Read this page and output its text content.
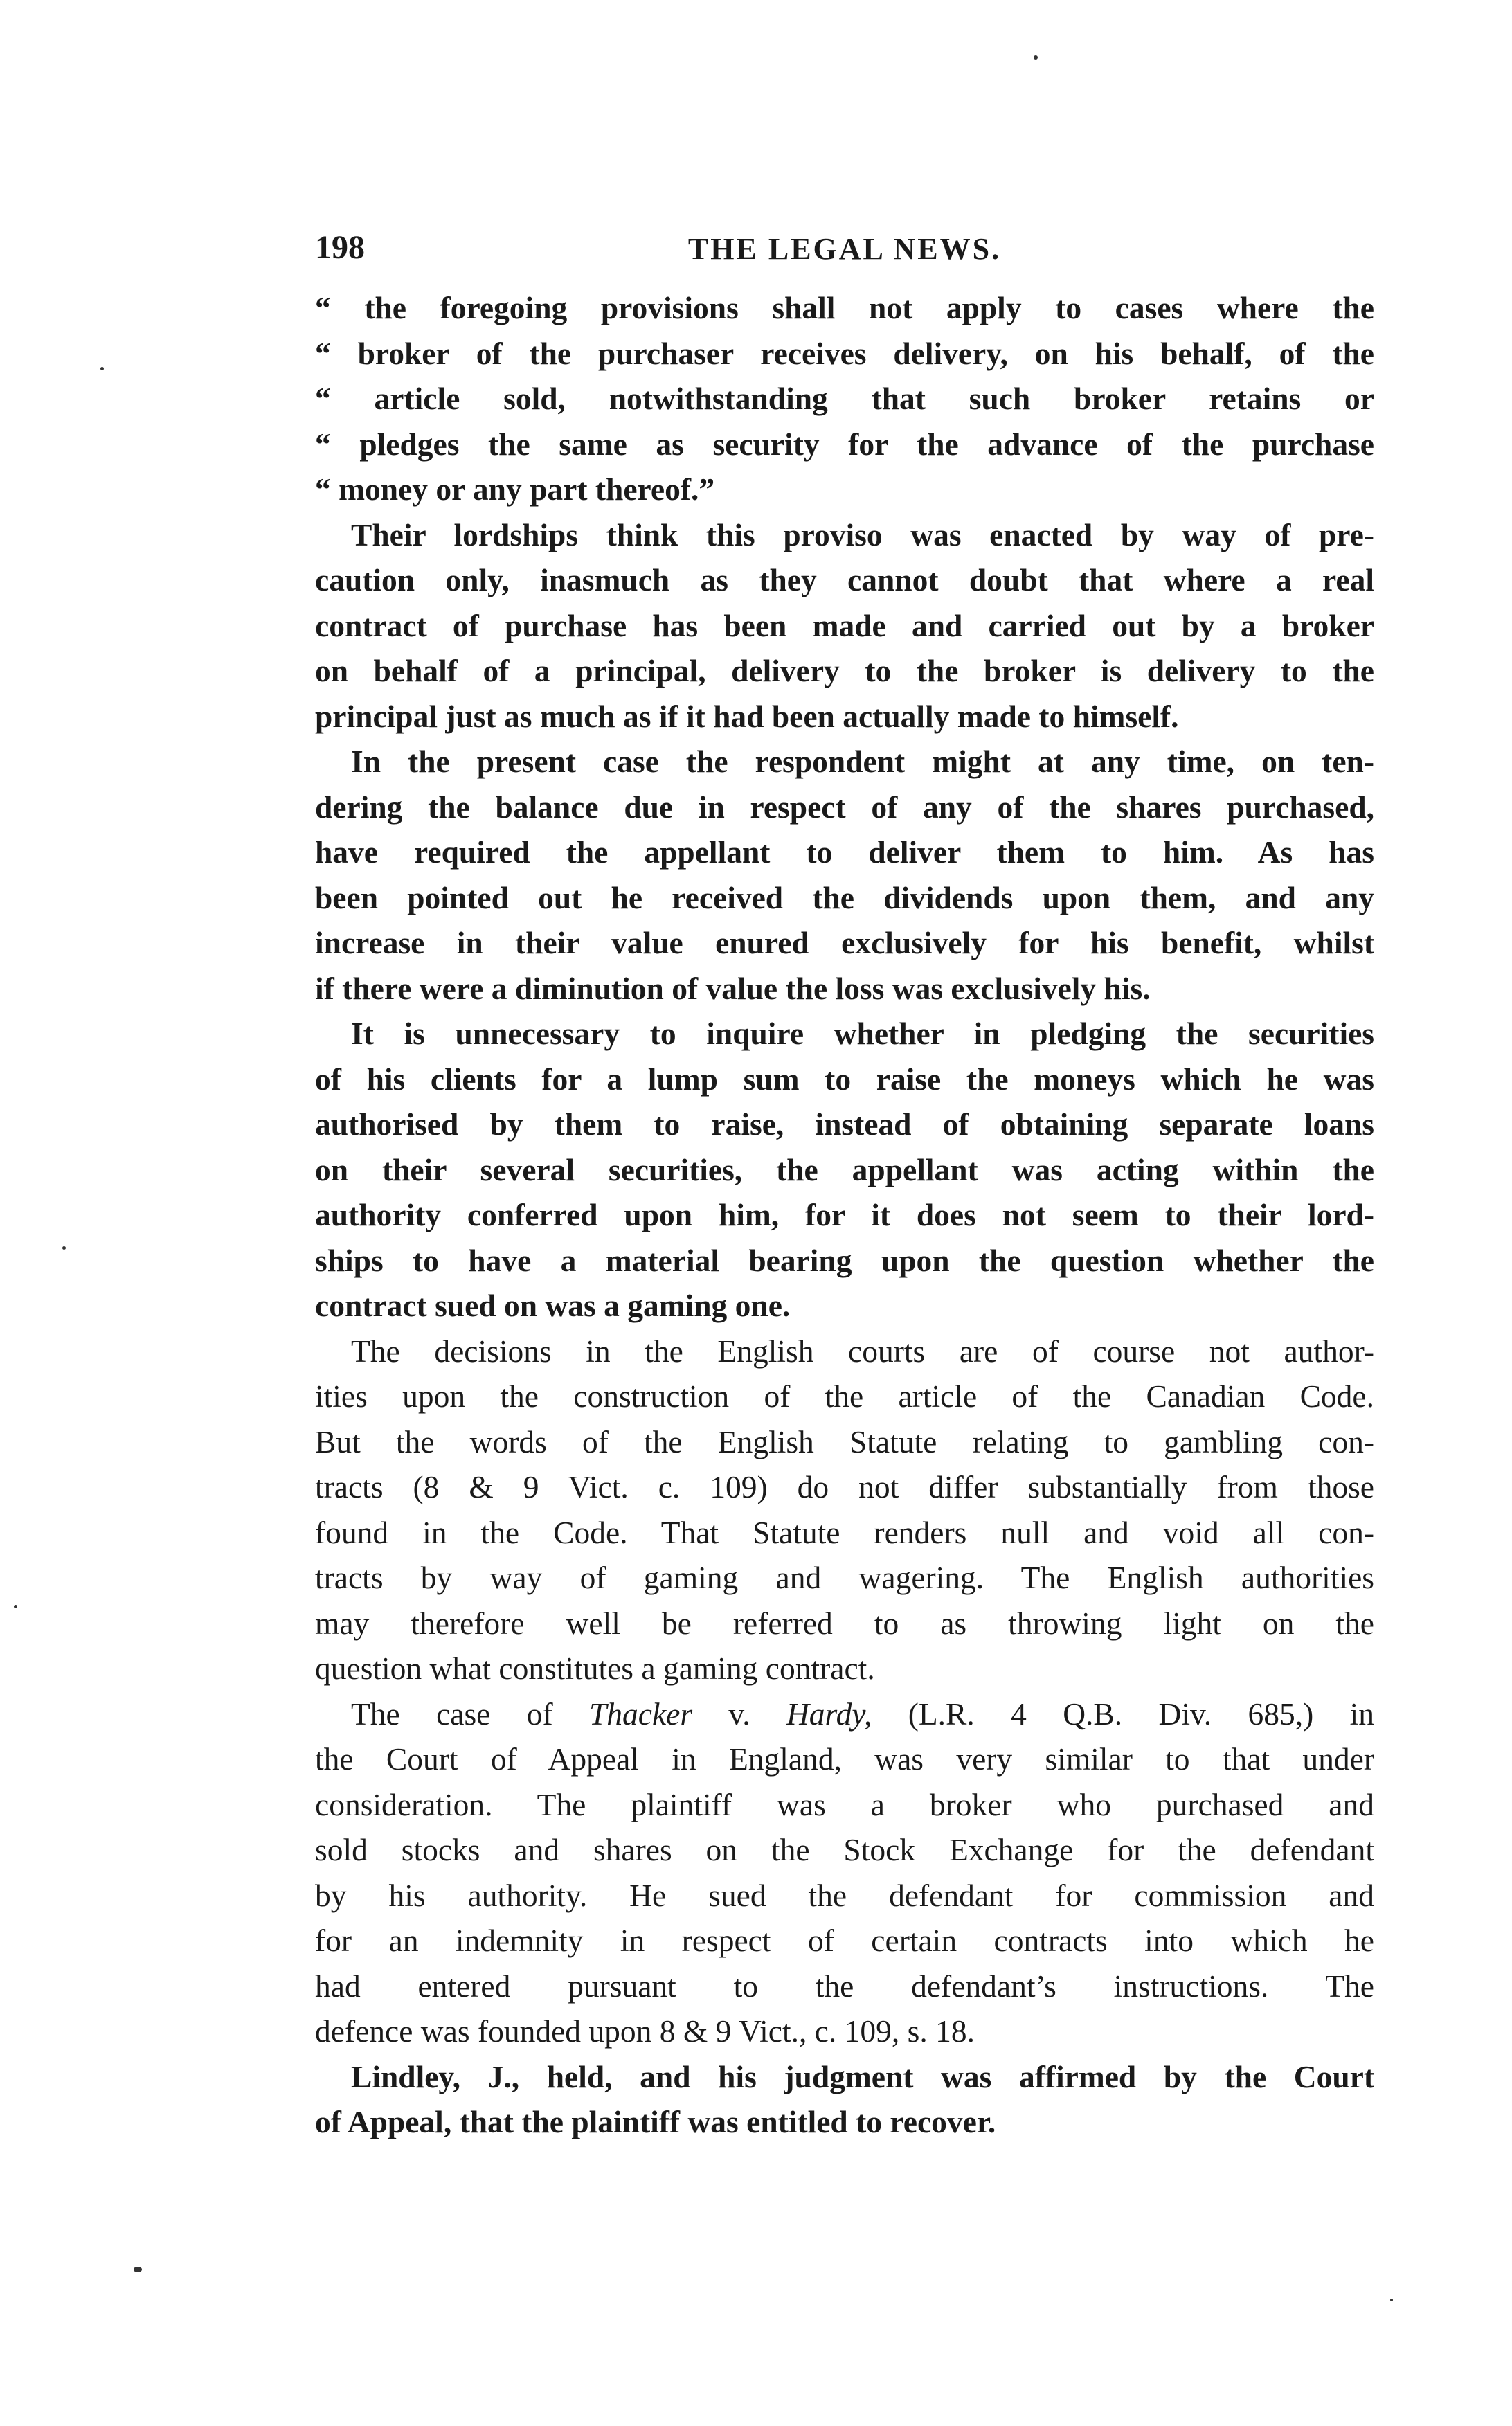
198	THE LEGAL NEWS.

“ the foregoing provisions shall not apply to cases where the
“ broker of the purchaser receives delivery, on his behalf, of the
“ article sold, notwithstanding that such broker retains or
“ pledges the same as security for the advance of the purchase
“ money or any part thereof.”

Their lordships think this proviso was enacted by way of pre-
caution only, inasmuch as they cannot doubt that where a real
contract of purchase has been made and carried out by a broker
on behalf of a principal, delivery to the broker is delivery to the
principal just as much as if it had been actually made to himself.

In the present case the respondent might at any time, on ten-
dering the balance due in respect of any of the shares purchased,
have required the appellant to deliver them to him. As has
been pointed out he received the dividends upon them, and any
increase in their value enured exclusively for his benefit, whilst
if there were a diminution of value the loss was exclusively his.

It is unnecessary to inquire whether in pledging the securities
of his clients for a lump sum to raise the moneys which he was
authorised by them to raise, instead of obtaining separate loans
on their several securities, the appellant was acting within the
authority conferred upon him, for it does not seem to their lord-
ships to have a material bearing upon the question whether the
contract sued on was a gaming one.

The decisions in the English courts are of course not author-
ities upon the construction of the article of the Canadian Code.
But the words of the English Statute relating to gambling con-
tracts (8 & 9 Vict. c. 109) do not differ substantially from those
found in the Code. That Statute renders null and void all con-
tracts by way of gaming and wagering. The English authorities
may therefore well be referred to as throwing light on the
question what constitutes a gaming contract.

The case of Thacker v. Hardy, (L.R. 4 Q.B. Div. 685,) in
the Court of Appeal in England, was very similar to that under
consideration. The plaintiff was a broker who purchased and
sold stocks and shares on the Stock Exchange for the defendant
by his authority. He sued the defendant for commission and
for an indemnity in respect of certain contracts into which he
had entered pursuant to the defendant’s instructions. The
defence was founded upon 8 & 9 Vict., c. 109, s. 18.

Lindley, J., held, and his judgment was affirmed by the Court
of Appeal, that the plaintiff was entitled to recover.
